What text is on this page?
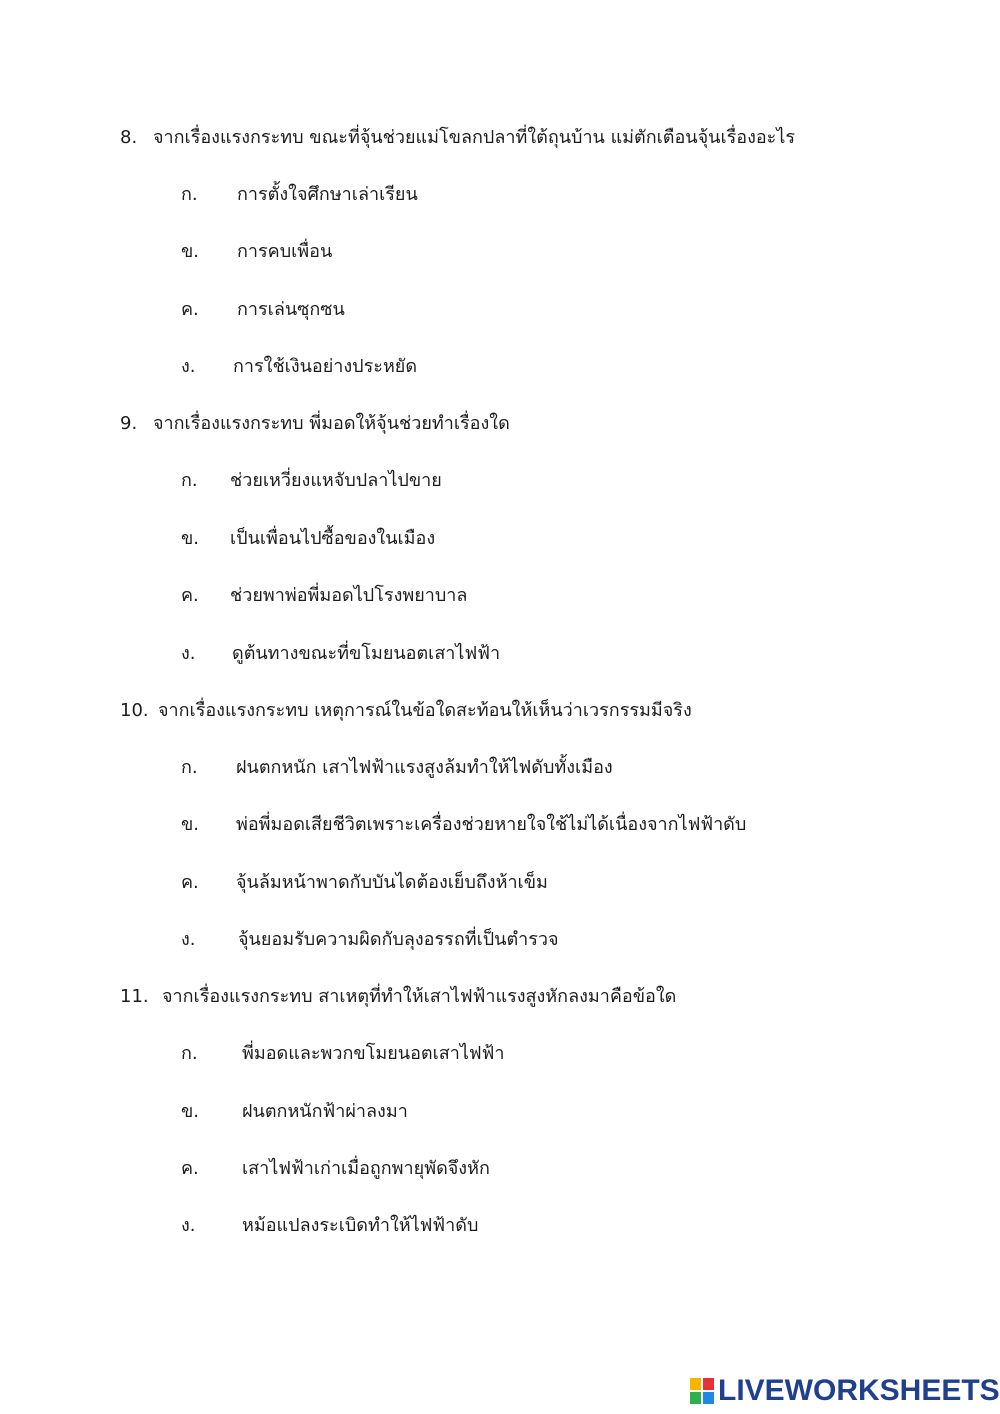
8. จากเรื่องแรงกระทบ ขณะที่จุ้นช่วยแม่โขลกปลาที่ใต้ถุนบ้าน แม่ตักเตือนจุ้นเรื่องอะไร
ก. การตั้งใจศึกษาเล่าเรียน
ข. การคบเพื่อน
ค. การเล่นซุกซน
ง. การใช้เงินอย่างประหยัด
9. จากเรื่องแรงกระทบ พี่มอดให้จุ้นช่วยทำเรื่องใด
ก. ช่วยเหวี่ยงแหจับปลาไปขาย
ข. เป็นเพื่อนไปซื้อของในเมือง
ค. ช่วยพาพ่อพี่มอดไปโรงพยาบาล
ง. ดูต้นทางขณะที่ขโมยนอตเสาไฟฟ้า
10. จากเรื่องแรงกระทบ เหตุการณ์ในข้อใดสะท้อนให้เห็นว่าเวรกรรมมีจริง
ก. ฝนตกหนัก เสาไฟฟ้าแรงสูงล้มทำให้ไฟดับทั้งเมือง
ข. พ่อพี่มอดเสียชีวิตเพราะเครื่องช่วยหายใจใช้ไม่ได้เนื่องจากไฟฟ้าดับ
ค. จุ้นล้มหน้าพาดกับบันไดต้องเย็บถึงห้าเข็ม
ง. จุ้นยอมรับความผิดกับลุงอรรถที่เป็นตำรวจ
11. จากเรื่องแรงกระทบ สาเหตุที่ทำให้เสาไฟฟ้าแรงสูงหักลงมาคือข้อใด
ก. พี่มอดและพวกขโมยนอตเสาไฟฟ้า
ข. ฝนตกหนักฟ้าผ่าลงมา
ค. เสาไฟฟ้าเก่าเมื่อถูกพายุพัดจึงหัก
ง.	หม้อแปลงระเบิดทำให้ไฟฟ้าดับ
LIVEWORKSHEETS
